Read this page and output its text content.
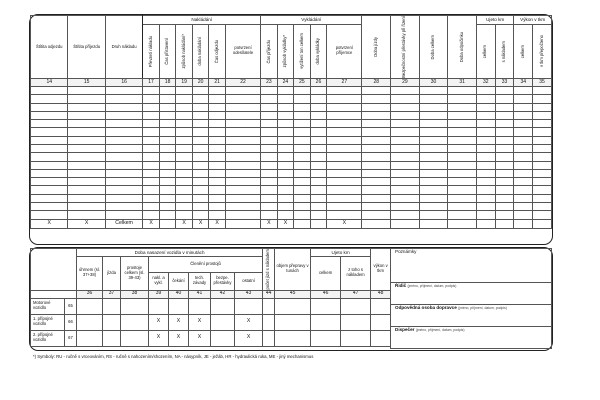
Štítita odjezdu	Štítita příjezdu	Druh nákladu	Nakládání						Vykládání					Doba jízdy	Bezpečnostní přestávky při řízení	Doba celkem	Doba odpočinku	Ujeto km		Výkon v tkm	

			Převzetí nákladu	Čas přistavení	způsob nakládání*	doba nakládání	Čas odjezdu	potvrzení odesílatele	Čas příjezdu	způsob vykládky*	vytížení ton celkem	doba vykládky	potvrzení příjemce					celkem	s nákladem	celkem	v tkm přepočteno

14	15	16	17	18	19	20	21	22	23	24	25	26	27	28	29	30	31	32	33	34	35

X	X	Celkem	X		X	X	X		X	X			X								
		Doba nasazení vozidla v minutách								počet jízd s nákladem	objem přepravy v tunách	Ujeto km		výkon v tkm
		úhrnem (sl. 37+38)	jízda	prostoje celkem (sl. 39-43)	Členění prostojů							celkem	z toho s nákladem	
					nakl. a vykl.	čekání	tech. závady	bezpe. přestávky	ostatní					
		36	37	38	39	40	41	42	43	44	45	46	47	48
Motorové vozidlo	65													
1. přípojné vozidlo	66				X	X	X		X					
2. přípojné vozidlo	67				X	X	X		X					
Poznámky
Řidič (jméno, příjmení, datum, podpis)
Odpovědná osoba dopravce (jméno, příjmení, datum, podpis)
Dispečer (jméno, příjmení, datum, podpis)
*) Symboly: RU - ručně s vrceováním, RS - ručně s nahozením/shozením, NA - násypník, JE - ježáb, HR - hydraulická ruka, ME - jiný mechanismus
